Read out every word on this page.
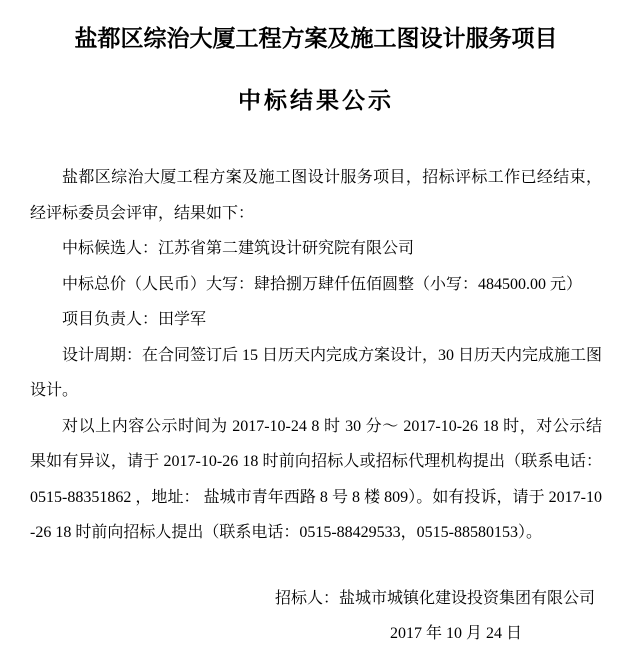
盐都区综治大厦工程方案及施工图设计服务项目
中标结果公示

盐都区综治大厦工程方案及施工图设计服务项目，招标评标工作已经结束，经评标委员会评审，结果如下：

中标候选人：江苏省第二建筑设计研究院有限公司

中标总价（人民币）大写：肆拾捌万肆仟伍佰圆整（小写：484500.00 元）

项目负责人：田学军

设计周期：在合同签订后 15 日历天内完成方案设计，30 日历天内完成施工图设计。

对以上内容公示时间为 2017-10-24 8 时 30 分～ 2017-10-26 18 时，对公示结果如有异议，请于 2017-10-26 18 时前向招标人或招标代理机构提出（联系电话：0515-88351862 ，地址： 盐城市青年西路 8 号 8 楼 809）。如有投诉，请于 2017-10-26 18 时前向招标人提出（联系电话：0515-88429533，0515-88580153）。

招标人：盐城市城镇化建设投资集团有限公司
2017 年 10 月 24 日
